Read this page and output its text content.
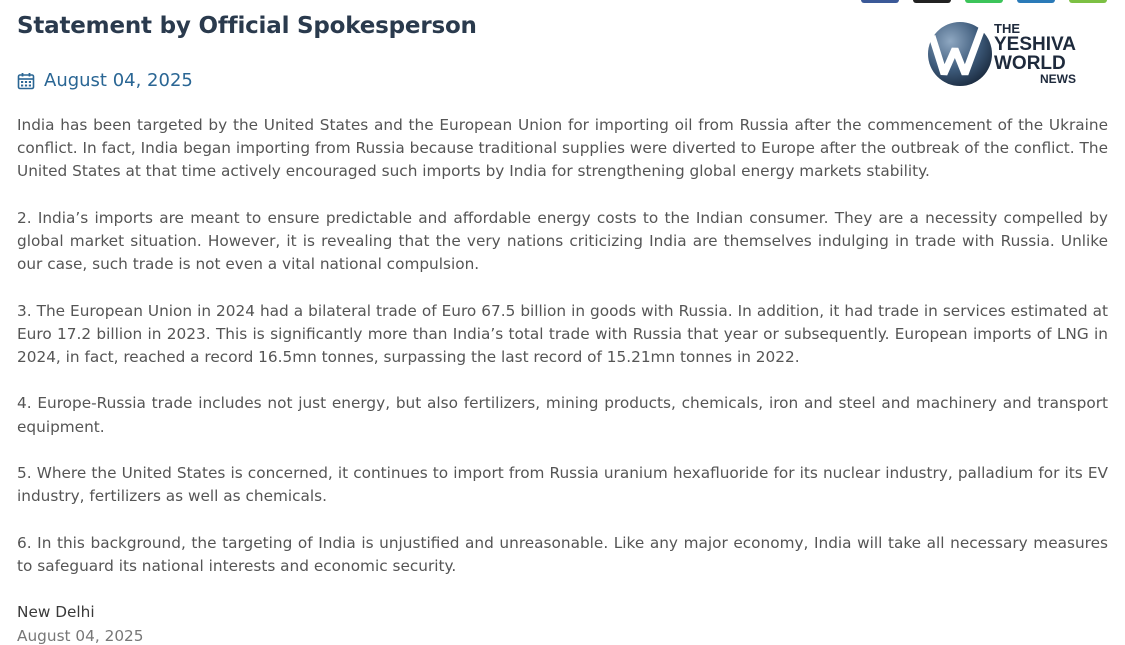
Statement by Official Spokesperson
August 04, 2025
THE
YESHIVA
WORLD
NEWS

India has been targeted by the United States and the European Union for importing oil from Russia after the commencement of the Ukraine conflict. In fact, India began importing from Russia because traditional supplies were diverted to Europe after the outbreak of the conflict. The United States at that time actively encouraged such imports by India for strengthening global energy markets stability.

2. India’s imports are meant to ensure predictable and affordable energy costs to the Indian consumer. They are a necessity compelled by global market situation. However, it is revealing that the very nations criticizing India are themselves indulging in trade with Russia. Unlike our case, such trade is not even a vital national compulsion.

3. The European Union in 2024 had a bilateral trade of Euro 67.5 billion in goods with Russia. In addition, it had trade in services estimated at Euro 17.2 billion in 2023. This is significantly more than India’s total trade with Russia that year or subsequently. European imports of LNG in 2024, in fact, reached a record 16.5mn tonnes, surpassing the last record of 15.21mn tonnes in 2022.

4. Europe-Russia trade includes not just energy, but also fertilizers, mining products, chemicals, iron and steel and machinery and transport equipment.

5. Where the United States is concerned, it continues to import from Russia uranium hexafluoride for its nuclear industry, palladium for its EV industry, fertilizers as well as chemicals.

6. In this background, the targeting of India is unjustified and unreasonable. Like any major economy, India will take all necessary measures to safeguard its national interests and economic security.

New Delhi
August 04, 2025
